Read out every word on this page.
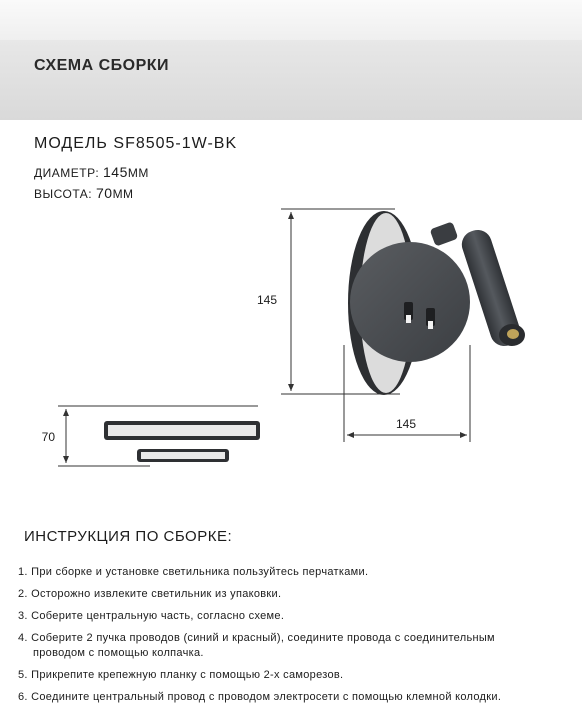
СХЕМА СБОРКИ
МОДЕЛЬ SF8505-1W-BK
ДИАМЕТР: 145ММ
ВЫСОТА: 70ММ
145
145
70
ИНСТРУКЦИЯ ПО СБОРКЕ:
1. При сборке и установке светильника пользуйтесь перчатками.
2. Осторожно извлеките светильник из упаковки.
3. Соберите центральную часть, согласно схеме.
4. Соберите 2 пучка проводов (синий и красный), соедините провода с соединительным
проводом с помощью колпачка.
5. Прикрепите крепежную планку с помощью 2-х саморезов.
6. Соедините центральный провод с проводом электросети с помощью клемной колодки.
